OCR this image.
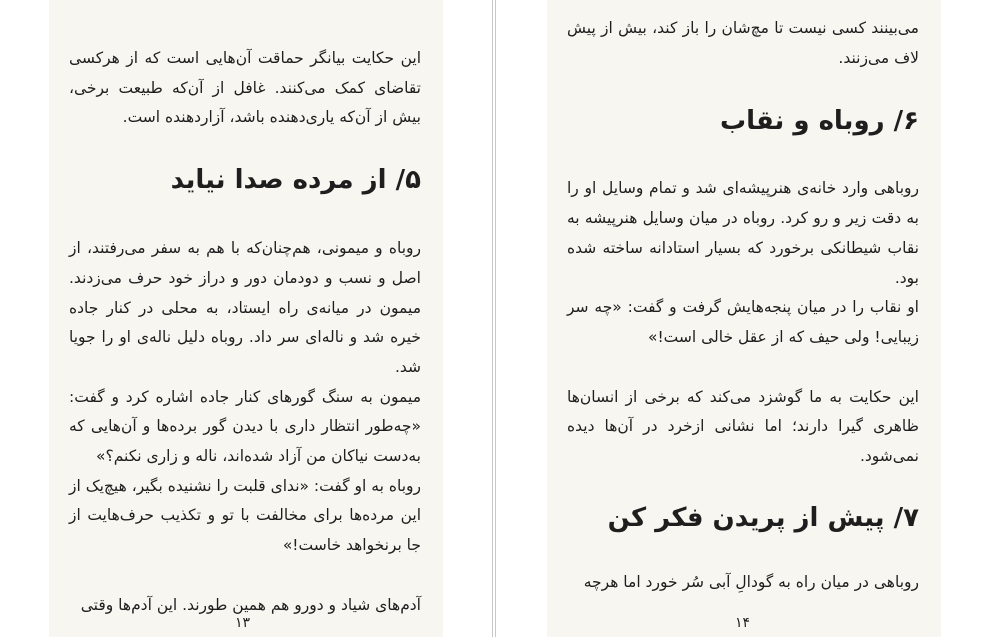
این حکایت بیانگر حماقت آن‌هایی است که از هرکسی تقاضای کمک می‌کنند. غافل از آن‌که طبیعت برخی، بیش از آن‌که یاری‌دهنده باشد، آزاردهنده است.

۵/ از مرده صدا نیاید

روباه و میمونی، هم‌چنان‌که با هم به سفر می‌رفتند، از اصل و نسب و دودمان دور و دراز خود حرف می‌زدند. میمون در میانه‌ی راه ایستاد، به محلی در کنار جاده خیره شد و ناله‌ای سر داد. روباه دلیل ناله‌ی او را جویا شد.

میمون به سنگ گورهای کنار جاده اشاره کرد و گفت: «چه‌طور انتظار داری با دیدن گور برده‌ها و آن‌هایی که به‌دست نیاکان من آزاد شده‌اند، ناله و زاری نکنم؟»

روباه به او گفت: «ندای قلبت را نشنیده بگیر، هیچ‌یک از این مرده‌ها برای مخالفت با تو و تکذیب حرف‌هایت از جا برنخواهد خاست!»

آدم‌های شیاد و دورو هم همین طورند. این آدم‌ها وقتی

۱۳

می‌بینند کسی نیست تا مچ‌شان را باز کند، بیش از پیش لاف می‌زنند.

۶/ روباه و نقاب

روباهی وارد خانه‌ی هنرپیشه‌ای شد و تمام وسایل او را به دقت زیر و رو کرد. روباه در میان وسایل هنرپیشه به نقاب شیطانکی برخورد که بسیار استادانه ساخته شده بود.

او نقاب را در میان پنجه‌هایش گرفت و گفت: «چه سر زیبایی! ولی حیف که از عقل خالی است!»

این حکایت به ما گوشزد می‌کند که برخی از انسان‌ها ظاهری گیرا دارند؛ اما نشانی ازخرد در آن‌ها دیده نمی‌شود.

۷/ پیش از پریدن فکر کن

روباهی در میان راه به گودالِ آبی سُر خورد اما هرچه

۱۴
